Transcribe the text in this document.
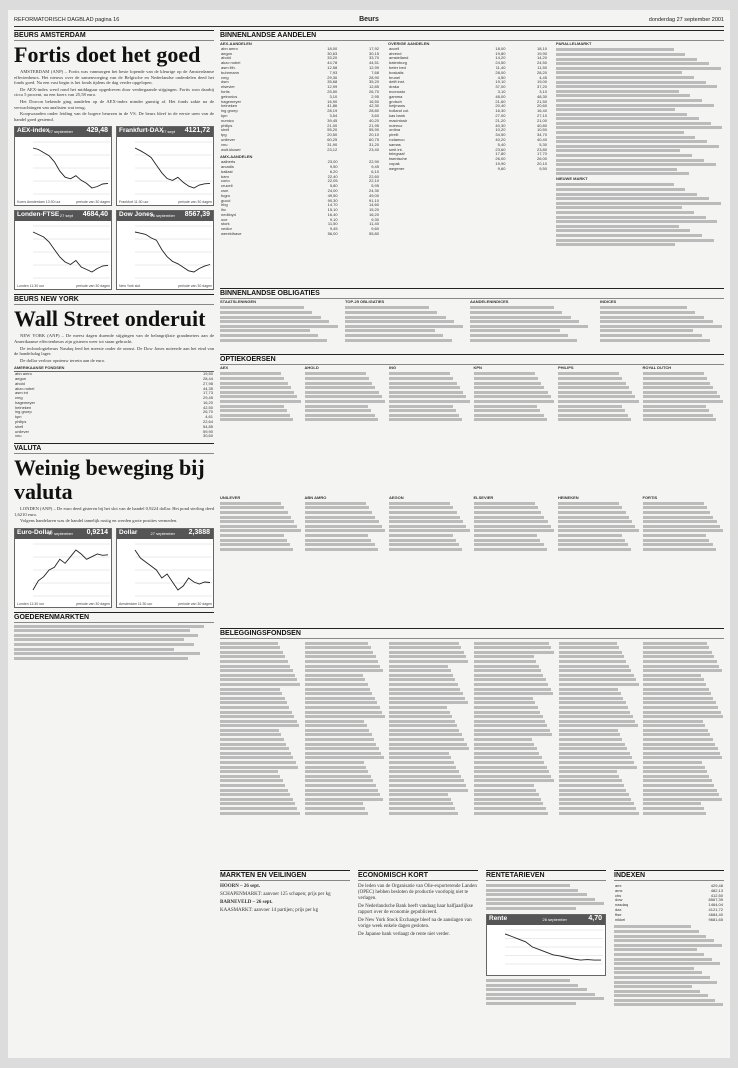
REFORMATORISCH DAGBLAD pagina 16	Beurs	donderdag 27 september 2001
BEURS AMSTERDAM
Fortis doet het goed

AMSTERDAM (ANP) – Fortis was vanmorgen het beste lopende van de kleurige op de Amsterdamse effectenbeurs. Het nieuws over de samenvoeging van de Belgische en Nederlandse onderdelen deed het fonds goed. Na een vast begin is het fonds tijdens de dag verder opgelopen.

De AEX-index werd rond het middaguur opgedreven door verdergaande stijgingen. Fortis won daarbij circa 5 procent, na een koers van 25,58 euro.

Het Dorcon bekende ging aandelen op de AEX-index minder gunstig af. Het fonds zakte na de verwachtingen van analisten wat terug.

Koopwaarden onder leiding van de hogere beurzen in de VS. De beurs bleef in de eerste uren van de handel goed gestemd.

AEX-index 27 september 429,48
Koers Amsterdam 10:30 uur	periode van 30 dagen
Frankfurt-DAX
27 sept 4121,72
Frankfurt 11:30 uur	periode van 30 dagen
Londen-FTSE 27 sept 4684,40
Londen 11:30 uur	periode van 30 dagen
Dow Jones
26 september 8567,39
New York slot	periode van 30 dagen
BEURS NEW YORK
Wall Street onderuit

NEW YORK (ANP) – De meest dagen durende stijgingen van de belangrijkste graadmeters aan de Amerikaanse effectenbeurs zijn gisteren weer tot staan gebracht.

De technologiebeurs Nasdaq leed het meeste onder de onrust. De Dow Jones noteerde aan het eind van de handelsdag lager.

De dollar verloor opnieuw terrein aan de euro.

AMERIKAANSE FONDSEN
abn amro	19,50
aegon	28,44
ahold	27,98
akzo nobel	44,35
asm int	17,73
cmg	29,45
hagemeyer	16,20
heineken	42,50
ing groep	26,70
kpn	4,61
philips	22,64
shell	54,85
unilever	59,90
vnu	30,60
VALUTA
Weinig beweging bij valuta

LONDEN (ANP) – De euro deed gisteren bij het slot van de handel 0,9224 dollar. Het pond sterling deed 1,6210 euro.

Volgens handelaren was de handel tamelijk rustig en werden grote posities vermeden.

Euro-Dollar
27 september 0,9214
Londen 11:30 uur	periode van 30 dagen
Dollar	27 september 2,3888
Amsterdam 11:30 uur	periode van 30 dagen
GOEDERENMARKTEN
BINNENLANDSE AANDELEN
AEX-AANDELEN
abn amro	18,00	17,92
aegon	30,63	30,15
ahold	33,20	33,70
akzo nobel	44,78	44,51
asm lith.	12,58	12,99
buhrmann	7,93	7,68
cmg	29,30	28,90
dsm	35,68	35,20
elsevier	12,99	12,85
fortis	25,50	26,70
getronics	3,10	2,95
hagemeyer	16,90	16,50
heineken	41,86	42,30
ing groep	28,19	28,80
kpn	3,54	3,60
numico	39,45	40,20
philips	21,00	21,95
shell	55,20	55,90
tpg	20,50	20,10
unilever	60,25	60,75
vnu	31,90	31,20
wolt.kluwer	23,12	23,40
AMX-AANDELEN
aalberts	23,00	22,90
arcadis	9,50	9,45
ballast	6,20	6,10
bam	22,40	22,60
corio	22,05	22,10
crucell	5,80	5,95
csm	24,00	24,30
fugro	49,50	49,00
gucci	90,30	91,10
hbg	14,70	14,60
ihc	15,10	15,20
nedlloyd	16,40	16,20
oce	9,10	9,30
stork	11,50	11,40
vedior	9,45	9,60
wereldhave	56,00	55,80
OVERIGE AANDELEN
accell	18,00	18,10
ahrend	19,80	19,90
amstelland	14,20	14,20
batenburg	24,50	24,50
beter bed	11,40	11,50
boskalis	28,00	28,20
brunel	4,50	4,45
delft inst.	19,10	19,00
draka	37,00	37,20
econosto	3,10	3,10
gamma	48,00	48,30
grolsch	21,60	21,50
heijmans	20,40	20,60
holland col.	16,30	16,40
kas bank	27,00	27,10
macintosh	21,20	21,00
nutreco	40,30	40,80
ordina	10,20	10,50
pirelli	34,50	34,70
rodamco	40,20	40,40
samas	5,40	5,30
smit int.	23,60	23,80
telegraaf	17,80	17,70
twentsche	26,00	26,00
vopak	19,90	20,10
wegener	9,60	9,50
PARALLELMARKT
NIEUWE MARKT
BINNENLANDSE OBLIGATIES
STAATSLENINGEN	TOP-25 OBLIGATIES	AANDELENINDICES	INDICES
OPTIEKOERSEN
AEX	AHOLD	ING	KPN	PHILIPS	ROYAL DUTCH
UNILEVER	ABN AMRO	AEGON	ELSEVIER	HEINEKEN	FORTIS
BELEGGINGSFONDSEN
MARKTEN EN VEILINGEN

HOORN – 26 sept.

SCHAPENMARKT: aanvoer 125 schapen; prijs per kg

BARNEVELD – 26 sept.

KAASMARKT: aanvoer 14 partijen; prijs per kg

ECONOMISCH KORT

De leden van de Organisatie van Olie-exporterende Landen (OPEC) hebben besloten de productie voorlopig niet te verlagen.

De Nederlandsche Bank heeft vandaag haar halfjaarlijkse rapport over de economie gepubliceerd.

De New York Stock Exchange bleef na de aanslagen van vorige week enkele dagen gesloten.

De Japanse bank verlaagt de rente niet verder.

RENTETARIEVEN
Rente	26 september	4,70
INDEXEN
aex	429,48
amx	482,13
cbs	412,50
dow	8567,39
nasdaq	1464,04
dax	4121,72
ftse	4684,40
nikkei	9681,65
